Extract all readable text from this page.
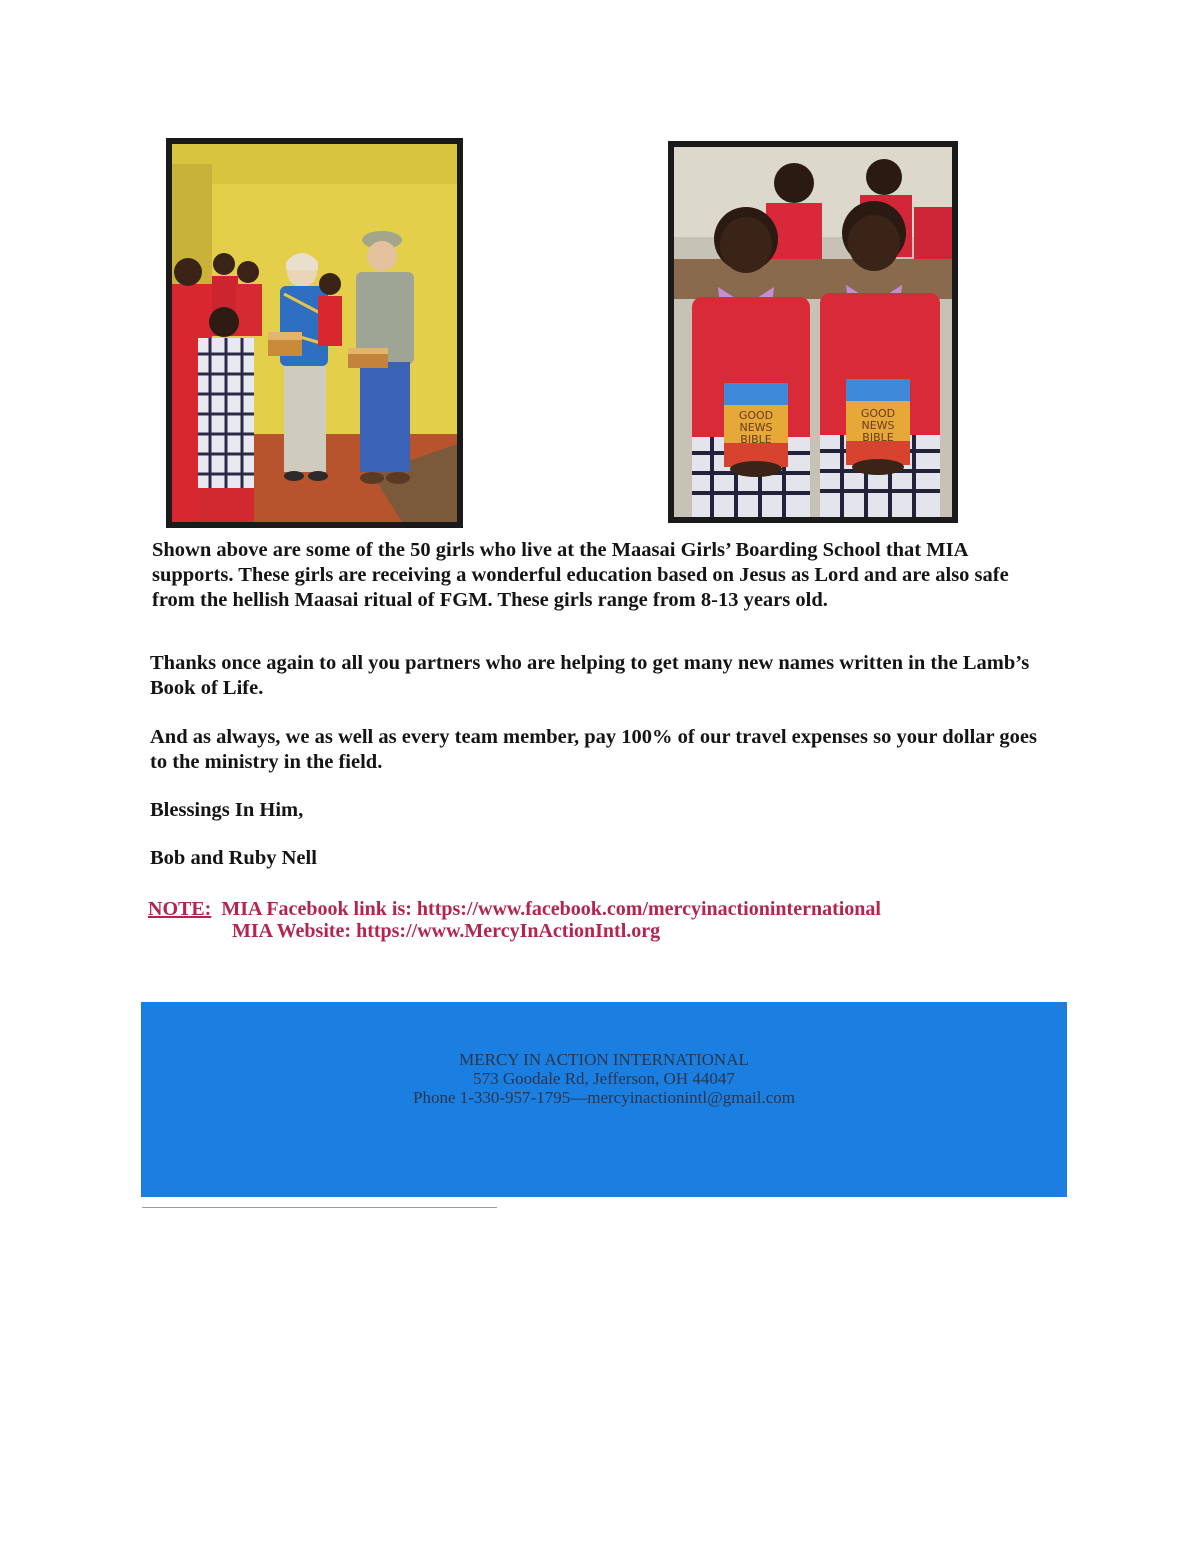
GOOD
NEWS
BIBLE
GOOD
NEWS
BIBLE

Shown above are some of the 50 girls who live at the Maasai Girls’ Boarding School that MIA supports. These girls are receiving a wonderful education based on Jesus as Lord and are also safe from the hellish Maasai ritual of FGM. These girls range from 8-13 years old.

Thanks once again to all you partners who are helping to get many new names written in the Lamb’s Book of Life.

And as always, we as well as every team member, pay 100% of our travel expenses so your dollar goes to the ministry in the field.

Blessings In Him,

Bob and Ruby Nell

NOTE: MIA Facebook link is: https://www.facebook.com/mercyinactioninternational
MIA Website: https://www.MercyInActionIntl.org
MERCY IN ACTION INTERNATIONAL
573 Goodale Rd, Jefferson, OH 44047
Phone 1-330-957-1795—mercyinactionintl@gmail.com
